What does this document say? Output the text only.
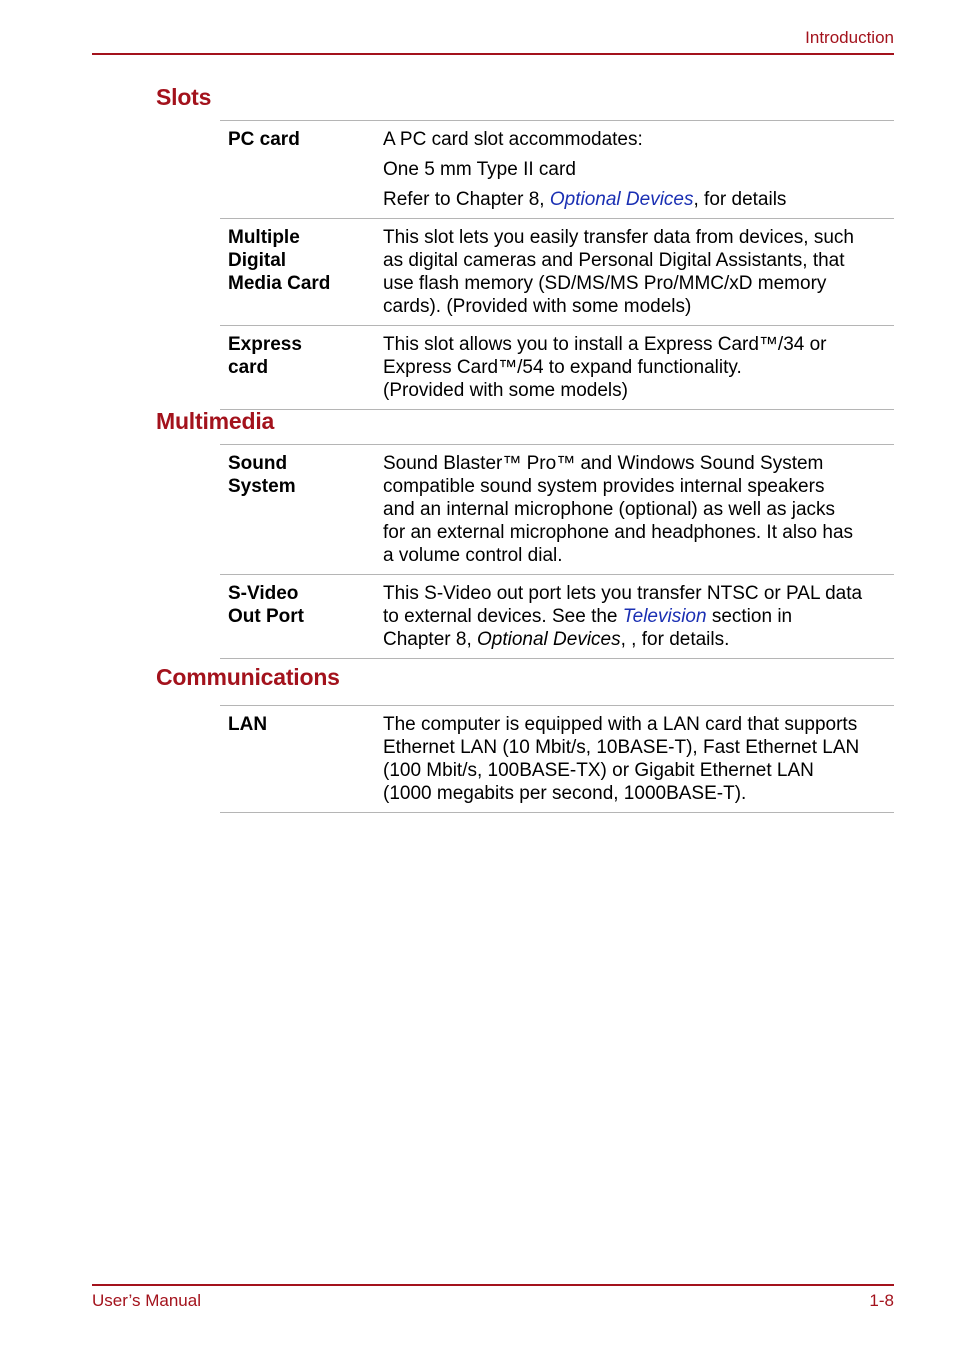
Introduction
Slots
PC card	A PC card slot accommodates:
One 5 mm Type II card
Refer to Chapter 8, Optional Devices, for details

Multiple
Digital
Media Card	This slot lets you easily transfer data from devices, such
as digital cameras and Personal Digital Assistants, that
use flash memory (SD/MS/MS Pro/MMC/xD memory
cards). (Provided with some models)

Express
card	This slot allows you to install a Express Card™/34 or
Express Card™/54 to expand functionality.
(Provided with some models)
Multimedia
Sound
System	Sound Blaster™ Pro™ and Windows Sound System
compatible sound system provides internal speakers
and an internal microphone (optional) as well as jacks
for an external microphone and headphones. It also has
a volume control dial.

S-Video
Out Port	This S-Video out port lets you transfer NTSC or PAL data
to external devices. See the Television section in
Chapter 8, Optional Devices, , for details.
Communications
LAN	The computer is equipped with a LAN card that supports
Ethernet LAN (10 Mbit/s, 10BASE-T), Fast Ethernet LAN
(100 Mbit/s, 100BASE-TX) or Gigabit Ethernet LAN
(1000 megabits per second, 1000BASE-T).
User’s Manual	1-8
